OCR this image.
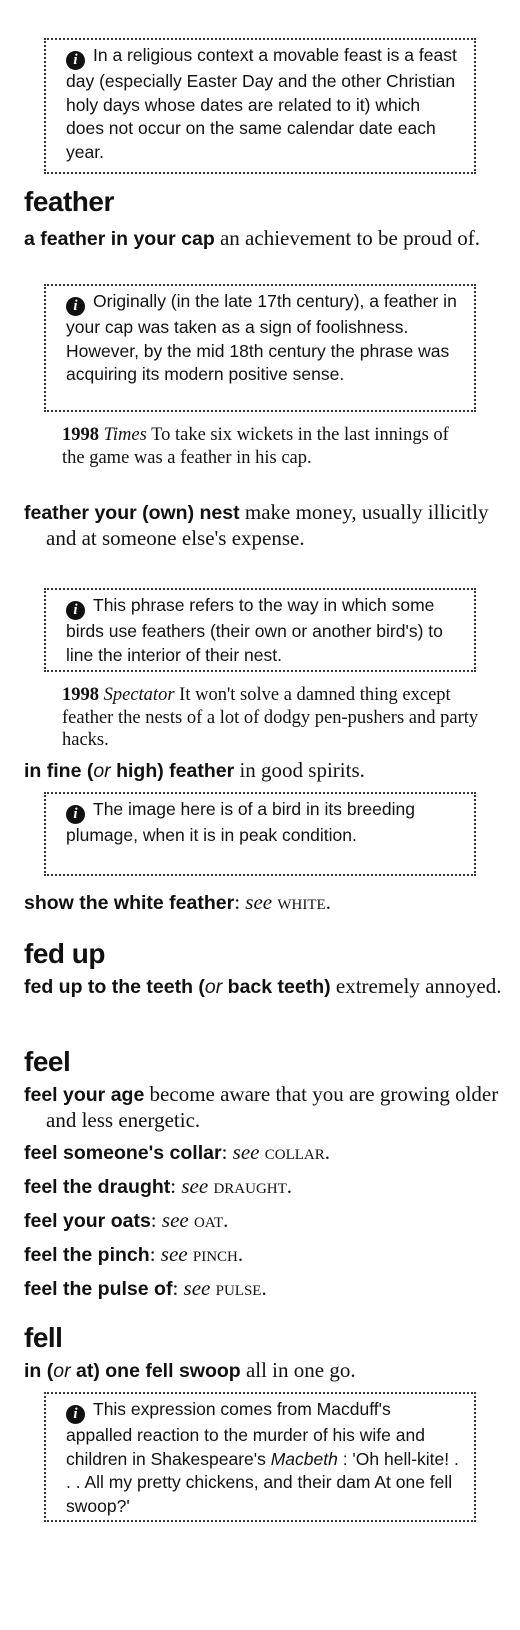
i In a religious context a movable feast is a feast day (especially Easter Day and the other Christian holy days whose dates are related to it) which does not occur on the same calendar date each year.
feather
a feather in your cap an achievement to be proud of.
i Originally (in the late 17th century), a feather in your cap was taken as a sign of foolishness. However, by the mid 18th century the phrase was acquiring its modern positive sense.
1998 Times To take six wickets in the last innings of the game was a feather in his cap.
feather your (own) nest make money, usually illicitly and at someone else's expense.
i This phrase refers to the way in which some birds use feathers (their own or another bird's) to line the interior of their nest.
1998 Spectator It won't solve a damned thing except feather the nests of a lot of dodgy pen-pushers and party hacks.
in fine (or high) feather in good spirits.
i The image here is of a bird in its breeding plumage, when it is in peak condition.
show the white feather: see white.
fed up
fed up to the teeth (or back teeth) extremely annoyed.
feel
feel your age become aware that you are growing older and less energetic.
feel someone's collar: see collar.
feel the draught: see draught.
feel your oats: see oat.
feel the pinch: see pinch.
feel the pulse of: see pulse.
fell
in (or at) one fell swoop all in one go.
i This expression comes from Macduff's appalled reaction to the murder of his wife and children in Shakespeare's Macbeth : 'Oh hell-kite! . . . All my pretty chickens, and their dam At one fell swoop?'
